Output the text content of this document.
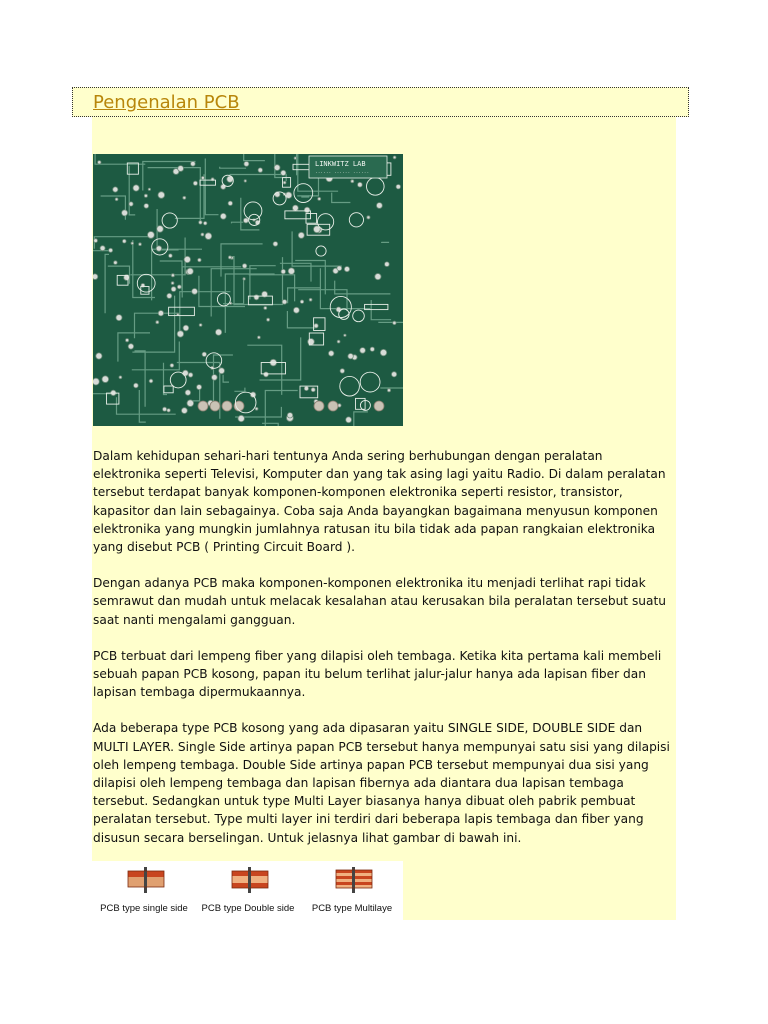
Pengenalan PCB
LINKWITZ LAB
······ ······ ······

Dalam kehidupan sehari-hari tentunya Anda sering berhubungan dengan peralatan elektronika seperti Televisi, Komputer dan yang tak asing lagi yaitu Radio. Di dalam peralatan tersebut terdapat banyak komponen-komponen elektronika seperti resistor, transistor, kapasitor dan lain sebagainya. Coba saja Anda bayangkan bagaimana menyusun komponen elektronika yang mungkin jumlahnya ratusan itu bila tidak ada papan rangkaian elektronika yang disebut PCB ( Printing Circuit Board ).

Dengan adanya PCB maka komponen-komponen elektronika itu menjadi terlihat rapi tidak semrawut dan mudah untuk melacak kesalahan atau kerusakan bila peralatan tersebut suatu saat nanti mengalami gangguan.

PCB terbuat dari lempeng fiber yang dilapisi oleh tembaga. Ketika kita pertama kali membeli sebuah papan PCB kosong, papan itu belum terlihat jalur-jalur hanya ada lapisan fiber dan lapisan tembaga dipermukaannya.

Ada beberapa type PCB kosong yang ada dipasaran yaitu SINGLE SIDE, DOUBLE SIDE dan MULTI LAYER. Single Side artinya papan PCB tersebut hanya mempunyai satu sisi yang dilapisi oleh lempeng tembaga. Double Side artinya papan PCB tersebut mempunyai dua sisi yang dilapisi oleh lempeng tembaga dan lapisan fibernya ada diantara dua lapisan tembaga tersebut. Sedangkan untuk type Multi Layer biasanya hanya dibuat oleh pabrik pembuat peralatan tersebut. Type multi layer ini terdiri dari beberapa lapis tembaga dan fiber yang disusun secara berselingan. Untuk jelasnya lihat gambar di bawah ini.

PCB type single side	PCB type Double side	PCB type Multilaye
